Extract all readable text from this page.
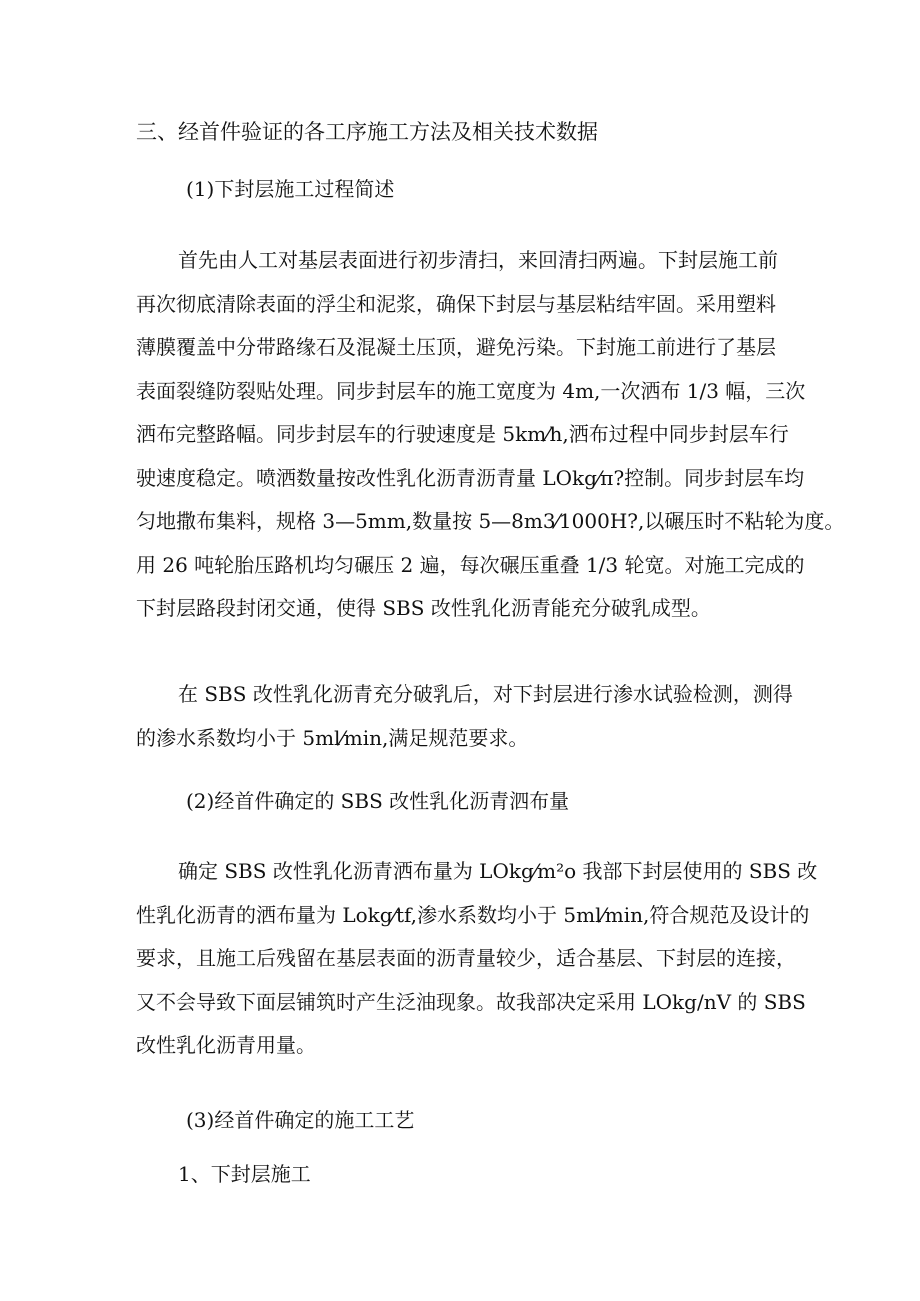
三、经首件验证的各工序施工方法及相关技术数据

(1)下封层施工过程简述

首先由人工对基层表面进行初步清扫，来回清扫两遍。下封层施工前
再次彻底清除表面的浮尘和泥浆，确保下封层与基层粘结牢固。采用塑料
薄膜覆盖中分带路缘石及混凝土压顶，避免污染。下封施工前进行了基层
表面裂缝防裂贴处理。同步封层车的施工宽度为 4m,一次洒布 1/3 幅，三次
洒布完整路幅。同步封层车的行驶速度是 5km⁄h,洒布过程中同步封层车行
驶速度稳定。喷洒数量按改性乳化沥青沥青量 LOkg⁄π?控制。同步封层车均
匀地撒布集料，规格 3—5mm,数量按 5—8m3⁄1000H?,以碾压时不粘轮为度。
用 26 吨轮胎压路机均匀碾压 2 遍，每次碾压重叠 1/3 轮宽。对施工完成的
下封层路段封闭交通，使得 SBS 改性乳化沥青能充分破乳成型。
在 SBS 改性乳化沥青充分破乳后，对下封层进行渗水试验检测，测得
的渗水系数均小于 5ml⁄min,满足规范要求。

(2)经首件确定的 SBS 改性乳化沥青泗布量

确定 SBS 改性乳化沥青洒布量为 LOkg⁄m²o 我部下封层使用的 SBS 改
性乳化沥青的洒布量为 Lokg⁄tf,渗水系数均小于 5ml⁄min,符合规范及设计的
要求，且施工后残留在基层表面的沥青量较少，适合基层、下封层的连接，
又不会导致下面层铺筑时产生泛油现象。故我部决定采用 LOkg/nV 的 SBS
改性乳化沥青用量。

(3)经首件确定的施工工艺

1、下封层施工
